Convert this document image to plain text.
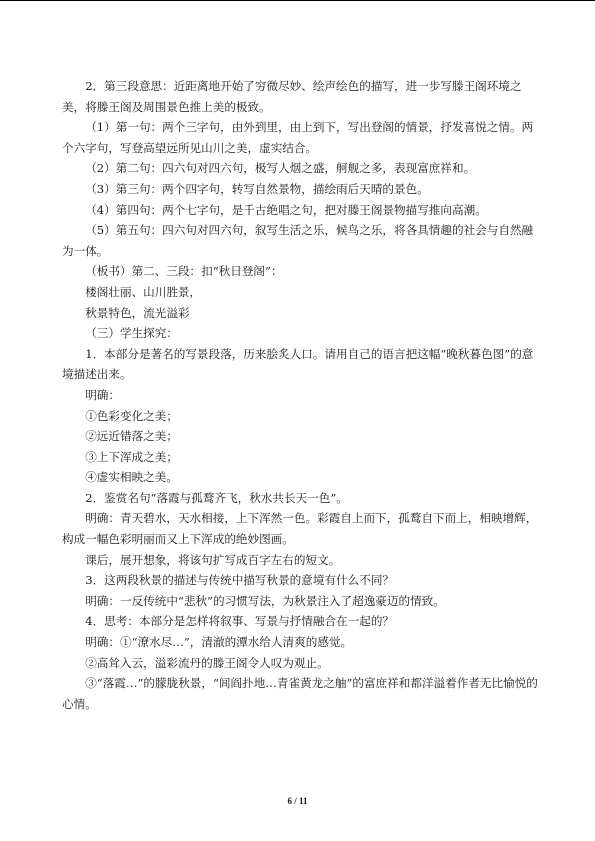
2．第三段意思：近距离地开始了穷微尽妙、绘声绘色的描写，进一步写滕王阁环境之美，将滕王阁及周围景色推上美的极致。

（1）第一句：两个三字句，由外到里，由上到下，写出登阁的情景，抒发喜悦之情。两个六字句，写登高望远所见山川之美，虚实结合。

（2）第二句：四六句对四六句，极写人烟之盛，舸舰之多，表现富庶祥和。

（3）第三句：两个四字句，转写自然景物，描绘雨后天晴的景色。

（4）第四句：两个七字句，是千古绝唱之句，把对滕王阁景物描写推向高潮。

（5）第五句：四六句对四六句，叙写生活之乐，候鸟之乐，将各具情趣的社会与自然融为一体。

（板书）第二、三段：扣“秋日登阁”：

楼阁壮丽、山川胜景，

秋景特色，流光溢彩

（三）学生探究：

1．本部分是著名的写景段落，历来脍炙人口。请用自己的语言把这幅“晚秋暮色图”的意境描述出来。

明确：

①色彩变化之美；

②远近错落之美；

③上下浑成之美；

④虚实相映之美。

2．鉴赏名句“落霞与孤鹜齐飞，秋水共长天一色”。

明确：青天碧水，天水相接，上下浑然一色。彩霞自上而下，孤鹜自下而上，相映增辉，构成一幅色彩明丽而又上下浑成的绝妙图画。

课后，展开想象，将该句扩写成百字左右的短文。

3．这两段秋景的描述与传统中描写秋景的意境有什么不同？

明确：一反传统中“悲秋”的习惯写法，为秋景注入了超逸豪迈的情致。

4．思考：本部分是怎样将叙事、写景与抒情融合在一起的？

明确：①“潦水尽…”，清澈的潭水给人清爽的感觉。

②高耸入云，溢彩流丹的滕王阁令人叹为观止。

③“落霞…”的朦胧秋景，“闾阎扑地…青雀黄龙之舳”的富庶祥和都洋溢着作者无比愉悦的心情。

6 / 11
